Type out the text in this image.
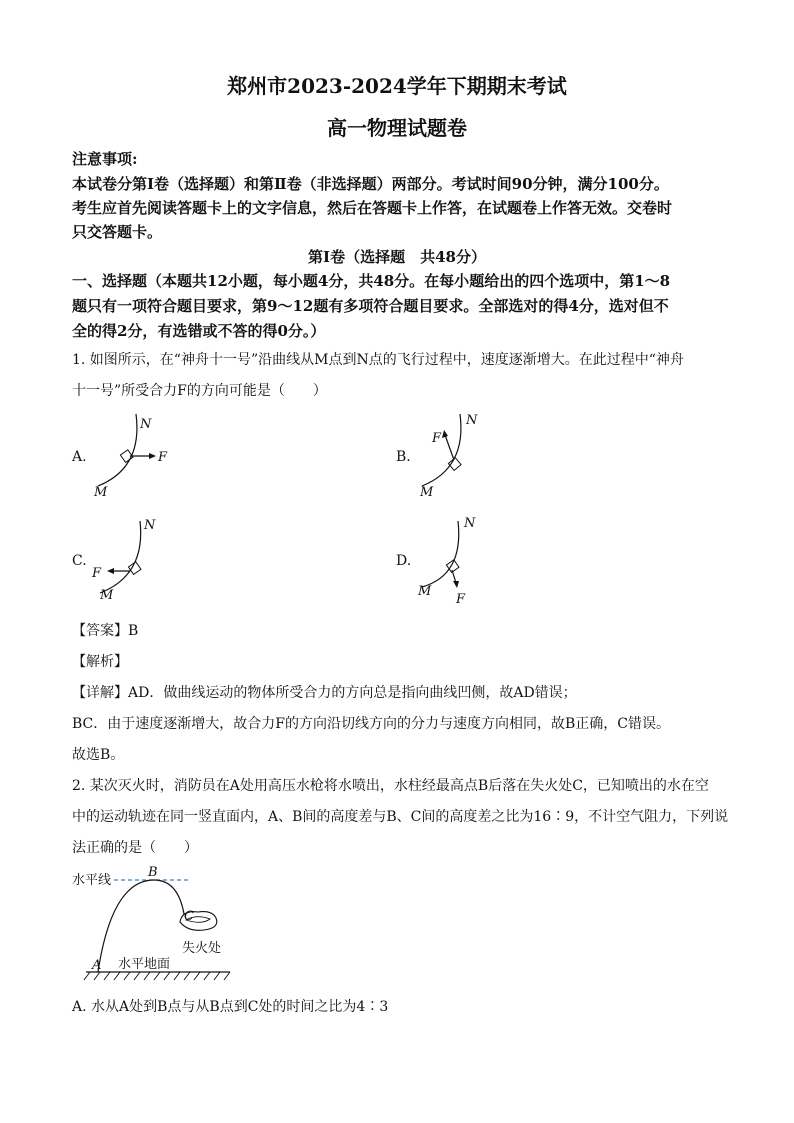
郑州市2023-2024学年下期期末考试
高一物理试题卷
注意事项:
本试卷分第Ⅰ卷（选择题）和第Ⅱ卷（非选择题）两部分。考试时间90分钟，满分100分。
考生应首先阅读答题卡上的文字信息，然后在答题卡上作答，在试题卷上作答无效。交卷时
只交答题卡。
第Ⅰ卷（选择题　共48分）
一、选择题（本题共12小题，每小题4分，共48分。在每小题给出的四个选项中，第1～8
题只有一项符合题目要求，第9～12题有多项符合题目要求。全部选对的得4分，选对但不
全的得2分，有选错或不答的得0分。）
1. 如图所示，在“神舟十一号”沿曲线从M点到N点的飞行过程中，速度逐渐增大。在此过程中“神舟
十一号”所受合力F的方向可能是（　　）
A.
N
M
F	B.
N
M
F
C.
N
M
F
D.
N
M
F
【答案】B
【解析】
【详解】AD．做曲线运动的物体所受合力的方向总是指向曲线凹侧，故AD错误；
BC．由于速度逐渐增大，故合力F的方向沿切线方向的分力与速度方向相同，故B正确，C错误。
故选B。
2. 某次灭火时，消防员在A处用高压水枪将水喷出，水柱经最高点B后落在失火处C，已知喷出的水在空
中的运动轨迹在同一竖直面内，A、B间的高度差与B、C间的高度差之比为16∶9，不计空气阻力，下列说
法正确的是（　　）
水平线
B
C
失火处
A 水平地面
A. 水从A处到B点与从B点到C处的时间之比为4∶3
